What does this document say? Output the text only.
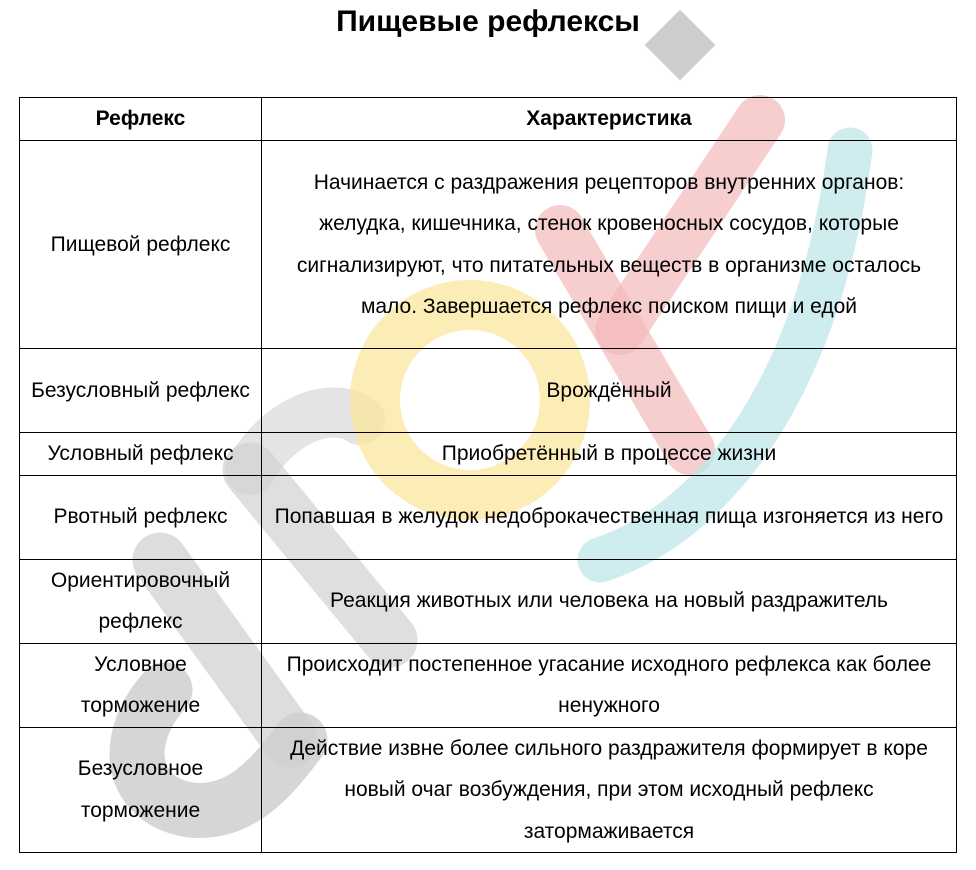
Пищевые рефлексы
Рефлекс	Характеристика
Пищевой рефлекс	Начинается с раздражения рецепторов внутренних органов: желудка, кишечника, стенок кровеносных сосудов, которые сигнализируют, что питательных веществ в организме осталось мало. Завершается рефлекс поиском пищи и едой
Безусловный рефлекс	Врождённый
Условный рефлекс	Приобретённый в процессе жизни
Рвотный рефлекс	Попавшая в желудок недоброкачественная пища изгоняется из него
Ориентировочный рефлекс	Реакция животных или человека на новый раздражитель
Условное торможение	Происходит постепенное угасание исходного рефлекса как более ненужного
Безусловное торможение	Действие извне более сильного раздражителя формирует в коре новый очаг возбуждения, при этом исходный рефлекс затормаживается
